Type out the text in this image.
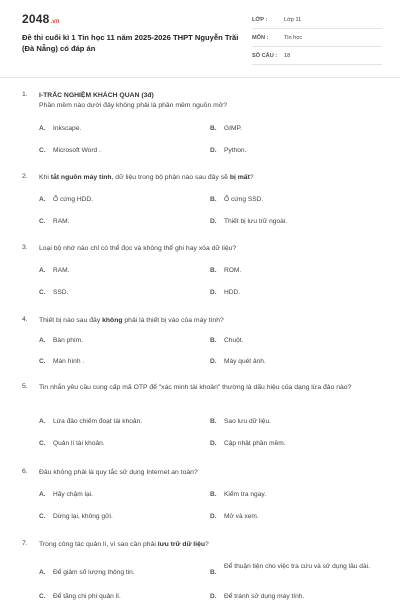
2048.vn
Đề thi cuối kì 1 Tin học 11 năm 2025-2026 THPT Nguyễn Trãi (Đà Nẵng) có đáp án
LỚP :	Lớp 11
MÔN :	Tin học
SỐ CÂU : 18
1. I-TRẮC NGHIỆM KHÁCH QUAN (3đ)
Phần mềm nào dưới đây không phải là phần mềm nguồn mở?
A. Inkscape.	B. GIMP.
C. Microsoft Word .	D. Python.
2. Khi tắt nguồn máy tính, dữ liệu trong bộ phận nào sau đây sẽ bị mất?
A. Ổ cứng HDD.	B. Ổ cứng SSD.
C. RAM.	D. Thiết bị lưu trữ ngoài.
3. Loại bộ nhớ nào chỉ có thể đọc và không thể ghi hay xóa dữ liệu?
A. RAM.	B. ROM.
C. SSD.	D. HDD.
4. Thiết bị nào sau đây không phải là thiết bị vào của máy tính?
A. Bàn phím.	B. Chuột.
C. Màn hình .	D. Máy quét ảnh.
5. Tin nhắn yêu cầu cung cấp mã OTP để "xác minh tài khoản" thường là dấu hiệu của dạng lừa đảo nào?
A. Lừa đảo chiếm đoạt tài khoản.	B. Sao lưu dữ liệu.
C. Quản lí tài khoản.	D. Cập nhật phần mềm.
6. Đâu không phải là quy tắc sử dụng Internet an toàn?
A. Hãy chậm lại.	B. Kiểm tra ngay.
C. Dừng lại, không gửi.	D. Mở và xem.
7. Trong công tác quản lí, vì sao cần phải lưu trữ dữ liệu?
A. Để giảm số lượng thông tin.	B.
Để thuận tiện cho việc tra cứu và sử dụng lâu dài.
C. Để tăng chi phí quản lí.	D. Để tránh sử dụng máy tính.
